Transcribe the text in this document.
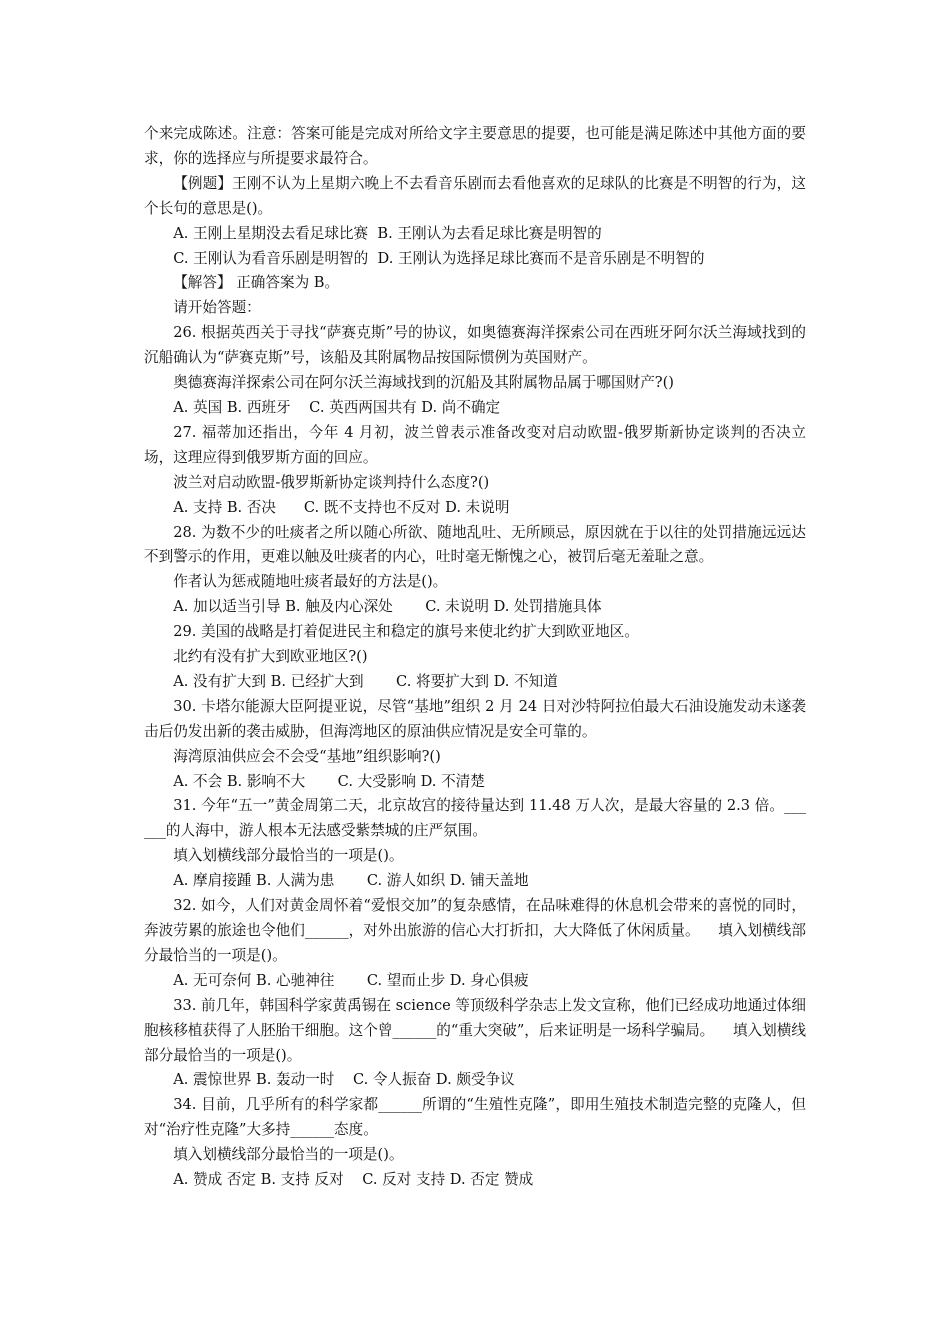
个来完成陈述。注意：答案可能是完成对所给文字主要意思的提要，也可能是满足陈述中其他方面的要求，你的选择应与所提要求最符合。

【例题】王刚不认为上星期六晚上不去看音乐剧而去看他喜欢的足球队的比赛是不明智的行为，这个长句的意思是()。

A. 王刚上星期没去看足球比赛  B. 王刚认为去看足球比赛是明智的

C. 王刚认为看音乐剧是明智的  D. 王刚认为选择足球比赛而不是音乐剧是不明智的

【解答】 正确答案为 B。

请开始答题：

26. 根据英西关于寻找“萨赛克斯”号的协议，如奥德赛海洋探索公司在西班牙阿尔沃兰海域找到的沉船确认为“萨赛克斯”号，该船及其附属物品按国际惯例为英国财产。

奥德赛海洋探索公司在阿尔沃兰海域找到的沉船及其附属物品属于哪国财产?()

A. 英国 B. 西班牙    C. 英西两国共有 D. 尚不确定

27. 福蒂加还指出，今年 4 月初，波兰曾表示准备改变对启动欧盟-俄罗斯新协定谈判的否决立场，这理应得到俄罗斯方面的回应。

波兰对启动欧盟-俄罗斯新协定谈判持什么态度?()

A. 支持 B. 否决      C. 既不支持也不反对 D. 未说明

28. 为数不少的吐痰者之所以随心所欲、随地乱吐、无所顾忌，原因就在于以往的处罚措施远远达不到警示的作用，更难以触及吐痰者的内心，吐时毫无惭愧之心，被罚后毫无羞耻之意。

作者认为惩戒随地吐痰者最好的方法是()。

A. 加以适当引导 B. 触及内心深处       C. 未说明 D. 处罚措施具体

29. 美国的战略是打着促进民主和稳定的旗号来使北约扩大到欧亚地区。

北约有没有扩大到欧亚地区?()

A. 没有扩大到 B. 已经扩大到       C. 将要扩大到 D. 不知道

30. 卡塔尔能源大臣阿提亚说，尽管“基地”组织 2 月 24 日对沙特阿拉伯最大石油设施发动未遂袭击后仍发出新的袭击威胁，但海湾地区的原油供应情况是安全可靠的。

海湾原油供应会不会受“基地”组织影响?()

A. 不会 B. 影响不大       C. 大受影响 D. 不清楚

31. 今年“五一”黄金周第二天，北京故宫的接待量达到 11.48 万人次，是最大容量的 2.3 倍。______的人海中，游人根本无法感受紫禁城的庄严氛围。

填入划横线部分最恰当的一项是()。

A. 摩肩接踵 B. 人满为患       C. 游人如织 D. 铺天盖地

32. 如今，人们对黄金周怀着“爱恨交加”的复杂感情，在品味难得的休息机会带来的喜悦的同时，奔波劳累的旅途也令他们______，对外出旅游的信心大打折扣，大大降低了休闲质量。    填入划横线部分最恰当的一项是()。

A. 无可奈何 B. 心驰神往       C. 望而止步 D. 身心俱疲

33. 前几年，韩国科学家黄禹锡在 science 等顶级科学杂志上发文宣称，他们已经成功地通过体细胞核移植获得了人胚胎干细胞。这个曾______的“重大突破”，后来证明是一场科学骗局。    填入划横线部分最恰当的一项是()。

A. 震惊世界 B. 轰动一时    C. 令人振奋 D. 颇受争议

34. 目前，几乎所有的科学家都______所谓的“生殖性克隆”，即用生殖技术制造完整的克隆人，但对“治疗性克隆”大多持______态度。

填入划横线部分最恰当的一项是()。

A. 赞成 否定 B. 支持 反对    C. 反对 支持 D. 否定 赞成
